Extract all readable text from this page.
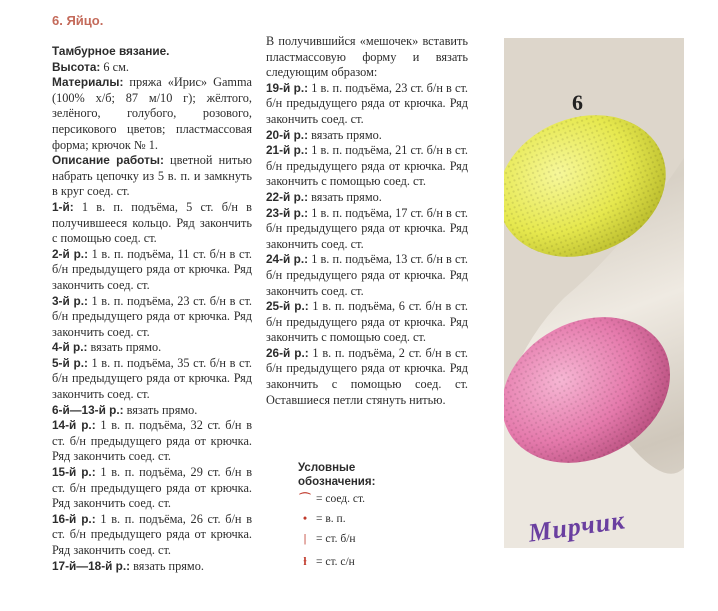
6. Яйцо.

Тамбурное вязание.

Высота: 6 см.

Материалы: пряжа «Ирис» Gamma (100% х/б; 87 м/10 г); жёлтого, зелёного, голубого, розового, персикового цветов; пластмассовая форма; крючок № 1.

Описание работы: цветной нитью набрать цепочку из 5 в. п. и замкнуть в круг соед. ст.

1-й: 1 в. п. подъёма, 5 ст. б/н в получившееся кольцо. Ряд закончить с помощью соед. ст.

2-й р.: 1 в. п. подъёма, 11 ст. б/н в ст. б/н предыдущего ряда от крючка. Ряд закончить соед. ст.

3-й р.: 1 в. п. подъёма, 23 ст. б/н в ст. б/н предыдущего ряда от крючка. Ряд закончить соед. ст.

4-й р.: вязать прямо.

5-й р.: 1 в. п. подъёма, 35 ст. б/н в ст. б/н предыдущего ряда от крючка. Ряд закончить соед. ст.

6-й—13-й р.: вязать прямо.

14-й р.: 1 в. п. подъёма, 32 ст. б/н в ст. б/н предыдущего ряда от крючка. Ряд закончить соед. ст.

15-й р.: 1 в. п. подъёма, 29 ст. б/н в ст. б/н предыдущего ряда от крючка. Ряд закончить соед. ст.

16-й р.: 1 в. п. подъёма, 26 ст. б/н в ст. б/н предыдущего ряда от крючка. Ряд закончить соед. ст.

17-й—18-й р.: вязать прямо.

В получившийся «мешочек» вставить пластмассовую форму и вязать следующим образом:

19-й р.: 1 в. п. подъёма, 23 ст. б/н в ст. б/н предыдущего ряда от крючка. Ряд закончить соед. ст.

20-й р.: вязать прямо.

21-й р.: 1 в. п. подъёма, 21 ст. б/н в ст. б/н предыдущего ряда от крючка. Ряд закончить с помощью соед. ст.

22-й р.: вязать прямо.

23-й р.: 1 в. п. подъёма, 17 ст. б/н в ст. б/н предыдущего ряда от крючка. Ряд закончить соед. ст.

24-й р.: 1 в. п. подъёма, 13 ст. б/н в ст. б/н предыдущего ряда от крючка. Ряд закончить соед. ст.

25-й р.: 1 в. п. подъёма, 6 ст. б/н в ст. б/н предыдущего ряда от крючка. Ряд закончить с помощью соед. ст.

26-й р.: 1 в. п. подъёма, 2 ст. б/н в ст. б/н предыдущего ряда от крючка. Ряд закончить с помощью соед. ст. Оставшиеся петли стянуть нитью.

Условные
обозначения:
⌒ = соед. ст.
• = в. п.
| = ст. б/н
ƚ = ст. с/н
6
Мирчик
